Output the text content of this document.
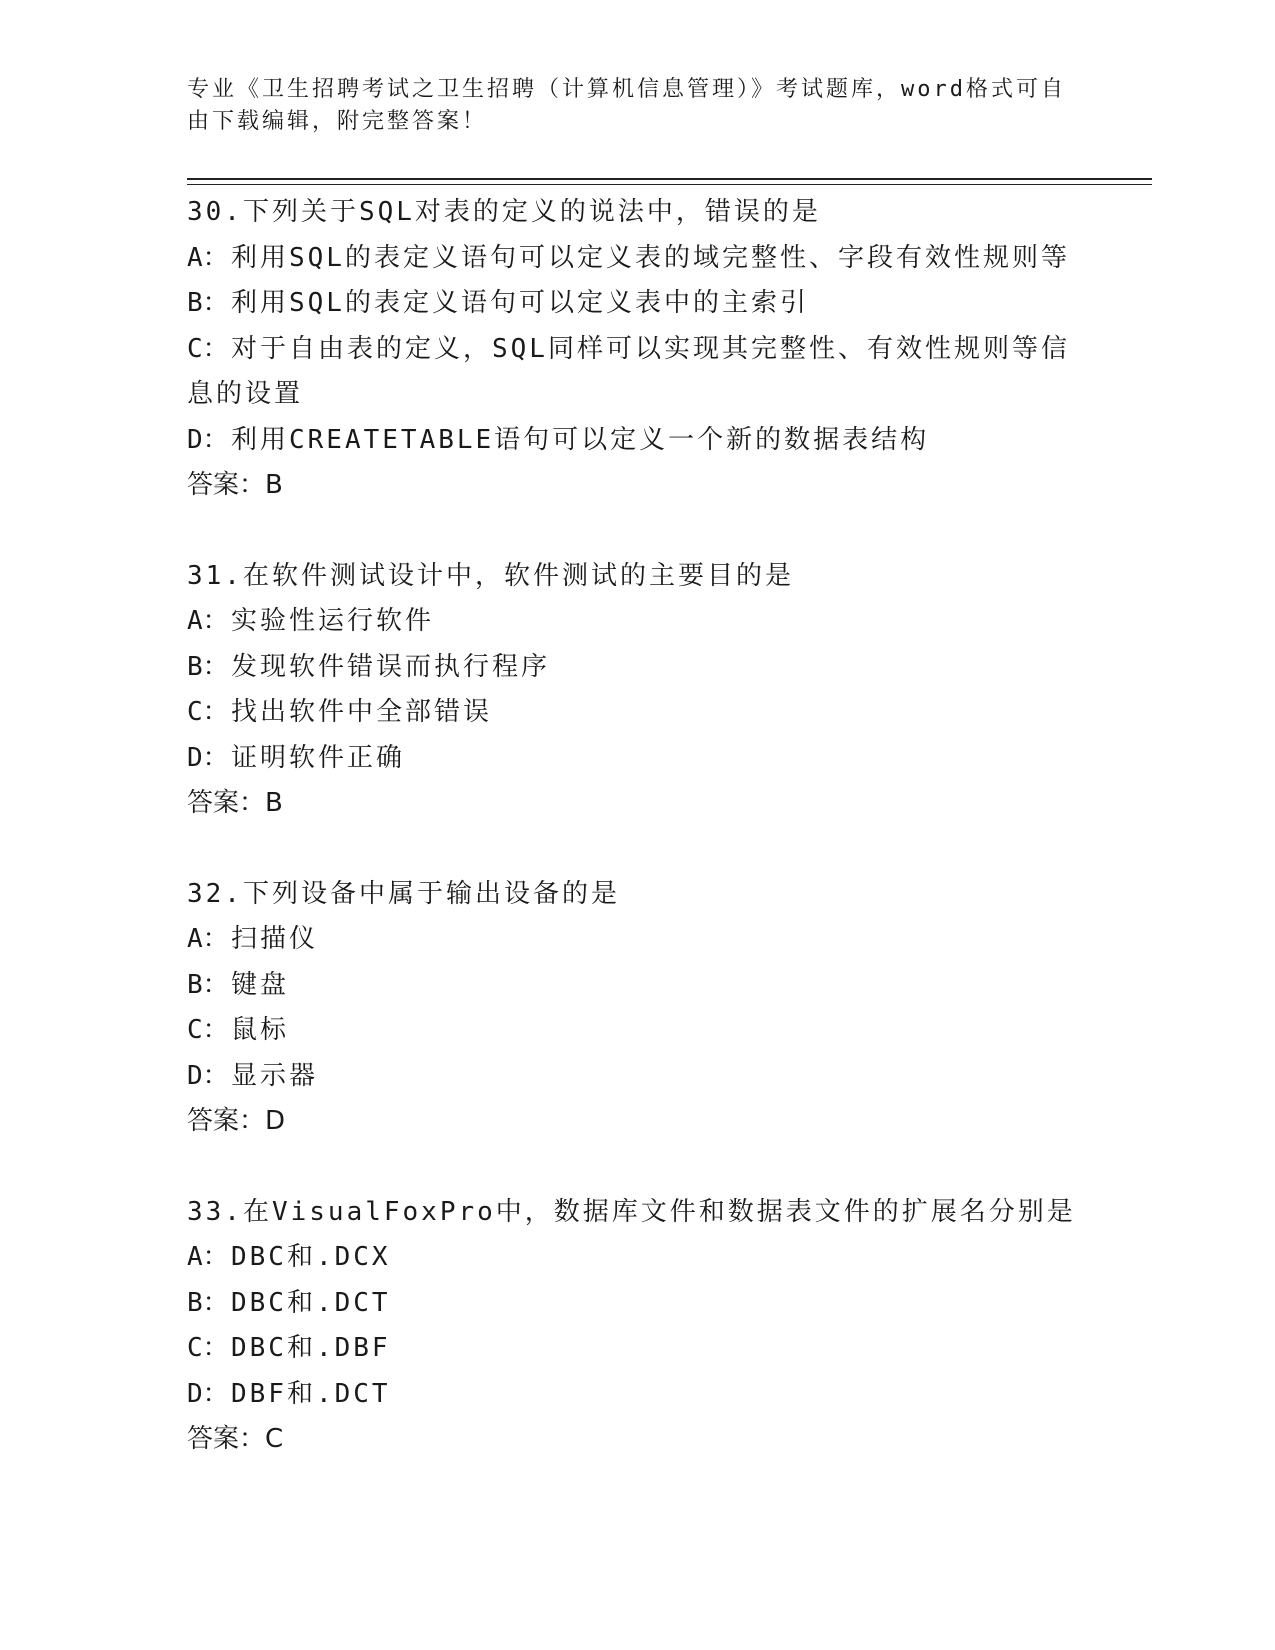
专业《卫生招聘考试之卫生招聘（计算机信息管理）》考试题库，word格式可自由下载编辑，附完整答案！
30.下列关于SQL对表的定义的说法中，错误的是
A：利用SQL的表定义语句可以定义表的域完整性、字段有效性规则等
B：利用SQL的表定义语句可以定义表中的主索引
C：对于自由表的定义，SQL同样可以实现其完整性、有效性规则等信息的设置
D：利用CREATETABLE语句可以定义一个新的数据表结构
答案：B
31.在软件测试设计中，软件测试的主要目的是
A：实验性运行软件
B：发现软件错误而执行程序
C：找出软件中全部错误
D：证明软件正确
答案：B
32.下列设备中属于输出设备的是
A：扫描仪
B：键盘
C：鼠标
D：显示器
答案：D
33.在VisualFoxPro中，数据库文件和数据表文件的扩展名分别是
A：DBC和.DCX
B：DBC和.DCT
C：DBC和.DBF
D：DBF和.DCT
答案：C
